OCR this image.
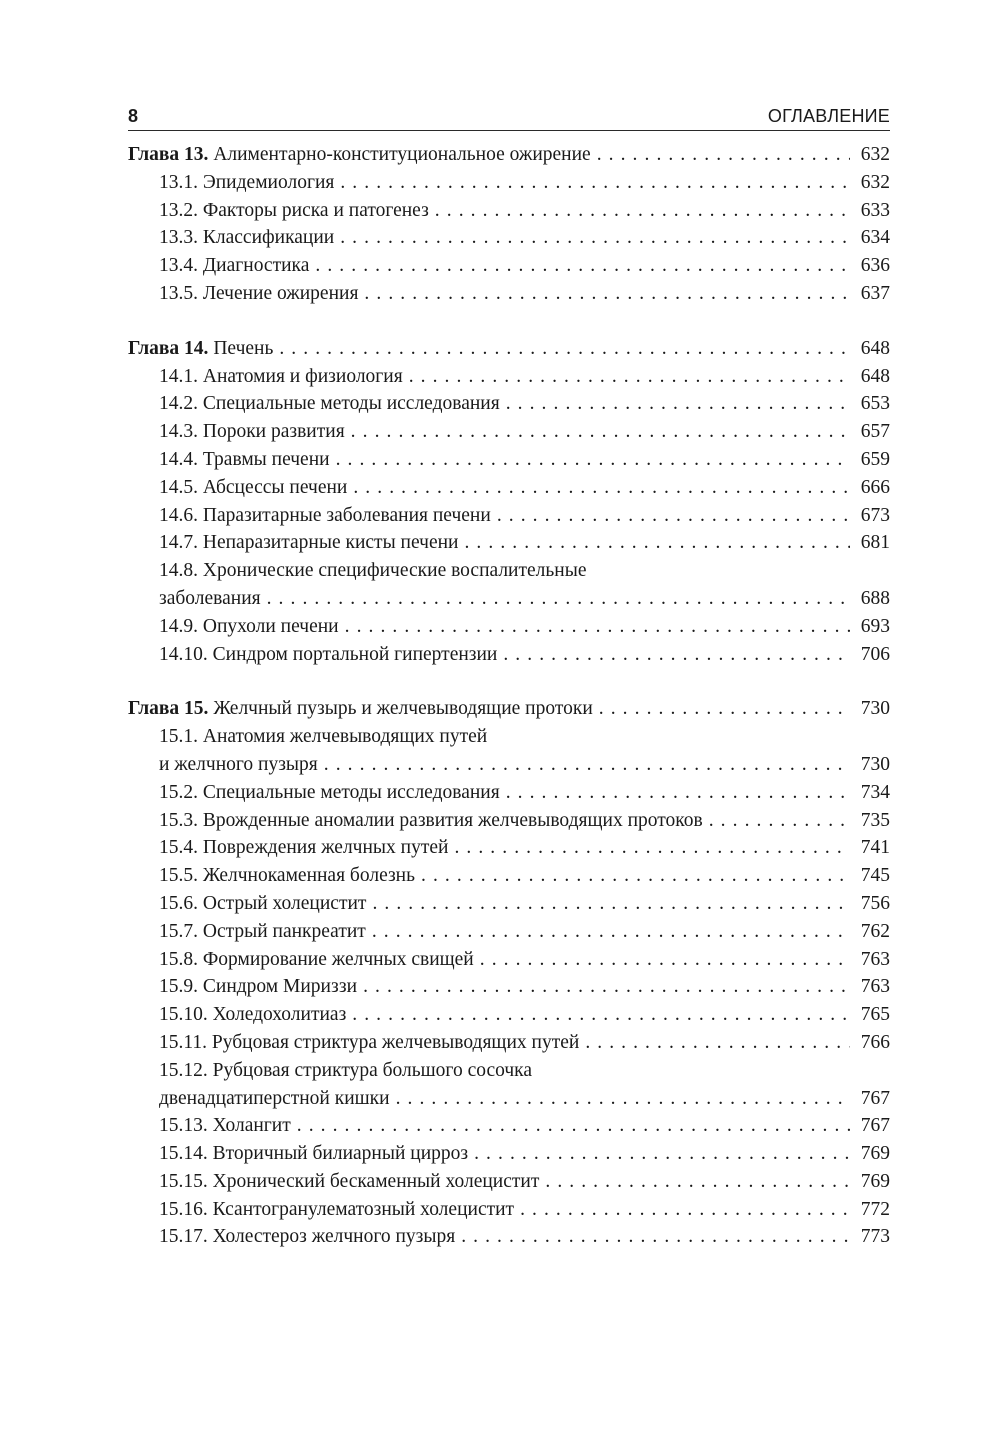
8	ОГЛАВЛЕНИЕ
Глава 13. Алиментарно-конституциональное ожирение . . .	632
13.1. Эпидемиология . . .	632
13.2. Факторы риска и патогенез . . .	633
13.3. Классификации . . .	634
13.4. Диагностика . . .	636
13.5. Лечение ожирения . . .	637
Глава 14. Печень . . .	648
14.1. Анатомия и физиология . . .	648
14.2. Специальные методы исследования . . .	653
14.3. Пороки развития . . .	657
14.4. Травмы печени . . .	659
14.5. Абсцессы печени . . .	666
14.6. Паразитарные заболевания печени . . .	673
14.7. Непаразитарные кисты печени . . .	681
14.8. Хронические специфические воспалительные
заболевания . . .	688
14.9. Опухоли печени . . .	693
14.10. Синдром портальной гипертензии . . .	706
Глава 15. Желчный пузырь и желчевыводящие протоки . . .	730
15.1. Анатомия желчевыводящих путей
и желчного пузыря . . .	730
15.2. Специальные методы исследования . . .	734
15.3. Врожденные аномалии развития желчевыводящих протоков . . .	735
15.4. Повреждения желчных путей . . .	741
15.5. Желчнокаменная болезнь . . .	745
15.6. Острый холецистит . . .	756
15.7. Острый панкреатит . . .	762
15.8. Формирование желчных свищей . . .	763
15.9. Синдром Мириззи . . .	763
15.10. Холедохолитиаз . . .	765
15.11. Рубцовая стриктура желчевыводящих путей . . .	766
15.12. Рубцовая стриктура большого сосочка
двенадцатиперстной кишки . . .	767
15.13. Холангит . . .	767
15.14. Вторичный билиарный цирроз . . .	769
15.15. Хронический бескаменный холецистит . . .	769
15.16. Ксантогранулематозный холецистит . . .	772
15.17. Холестероз желчного пузыря . . .	773
